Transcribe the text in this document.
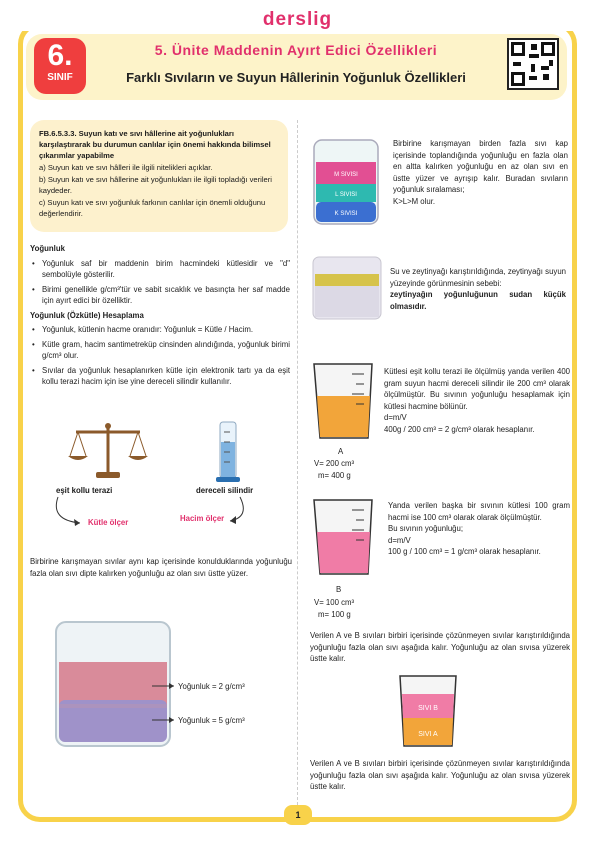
derslig
6.
SINIF
5. Ünite Maddenin Ayırt Edici Özellikleri
Farklı Sıvıların ve Suyun Hâllerinin Yoğunluk Özellikleri

FB.6.5.3.3. Suyun katı ve sıvı hâllerine ait yoğunlukları karşılaştırarak bu durumun canlılar için önemi hakkında bilimsel çıkarımlar yapabilme

a) Suyun katı ve sıvı hâlleri ile ilgili nitelikleri açıklar.

b) Suyun katı ve sıvı hâllerine ait yoğunlukları ile ilgili topladığı verileri kaydeder.

c) Suyun katı ve sıvı yoğunluk farkının canlılar için önemli olduğunu değerlendirir.

Yoğunluk

• Yoğunluk saf bir maddenin birim hacmindeki kütlesidir ve "d" sembolüyle gösterilir.
• Birimi genellikle g/cm³'tür ve sabit sıcaklık ve basınçta her saf madde için ayırt edici bir özelliktir.

Yoğunluk (Özkütle) Hesaplama

• Yoğunluk, kütlenin hacme oranıdır: Yoğunluk = Kütle / Hacim.
• Kütle gram, hacim santimetreküp cinsinden alındığında, yoğunluk birimi g/cm³ olur.
• Sıvılar da yoğunluk hesaplanırken kütle için elektronik tartı ya da eşit kollu terazi hacim için ise yine dereceli silindir kullanılır.
eşit kollu terazi	dereceli silindir
Kütle ölçer	Hacim ölçer
Birbirine karışmayan sıvılar aynı kap içerisinde konulduklarında yoğunluğu fazla olan sıvı dipte kalırken yoğunluğu az olan sıvı üstte yüzer.
Yoğunluk = 2 g/cm³
Yoğunluk = 5 g/cm³
M SIVISI
L SIVISI
K SIVISI
Birbirine karışmayan birden fazla sıvı kap içerisinde toplandığında yoğunluğu en fazla olan en altta kalırken yoğunluğu en az olan sıvı en üstte yüzer ve ayrışıp kalır. Buradan sıvıların yoğunluk sıralaması;
K>L>M olur.
Su ve zeytinyağı karıştırıldığında, zeytinyağı suyun yüzeyinde görünmesinin sebebi:
zeytinyağın yoğunluğunun sudan küçük olmasıdır.
A
V= 200 cm³
m= 400 g
Kütlesi eşit kollu terazi ile ölçülmüş yanda verilen 400 gram suyun hacmi dereceli silindir ile 200 cm³ olarak ölçülmüştür. Bu sıvının yoğunluğu hesaplamak için kütlesi hacmine bölünür.
d=m/V
400g / 200 cm³ = 2 g/cm³ olarak hesaplanır.
B
V= 100 cm³
m= 100 g
Yanda verilen başka bir sıvının kütlesi 100 gram hacmi ise 100 cm³ olarak olarak ölçülmüştür.
Bu sıvının yoğunluğu;
d=m/V
100 g / 100 cm³ = 1 g/cm³ olarak hesaplanır.
Verilen A ve B sıvıları birbiri içerisinde çözünmeyen sıvılar karıştırıldığında yoğunluğu fazla olan sıvı aşağıda kalır. Yoğunluğu az olan sıvısa yüzerek üstte kalır.
SIVI B
SIVI A
Verilen A ve B sıvıları birbiri içerisinde çözünmeyen sıvılar karıştırıldığında yoğunluğu fazla olan sıvı aşağıda kalır. Yoğunluğu az olan sıvısa yüzerek üstte kalır.
1
